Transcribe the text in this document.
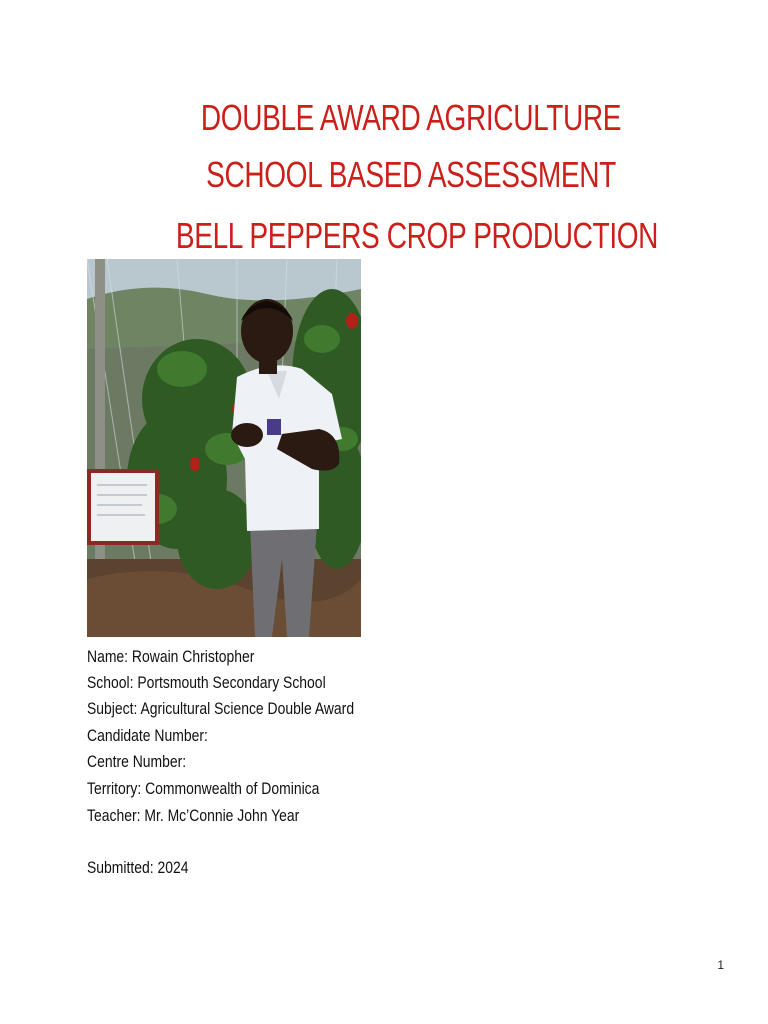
DOUBLE AWARD AGRICULTURE
SCHOOL BASED ASSESSMENT
BELL PEPPERS CROP PRODUCTION
Name: Rowain Christopher
School: Portsmouth Secondary School
Subject: Agricultural Science Double Award
Candidate Number:
Centre Number:
Territory: Commonwealth of Dominica
Teacher: Mr. Mc’Connie John Year
Submitted: 2024
1
